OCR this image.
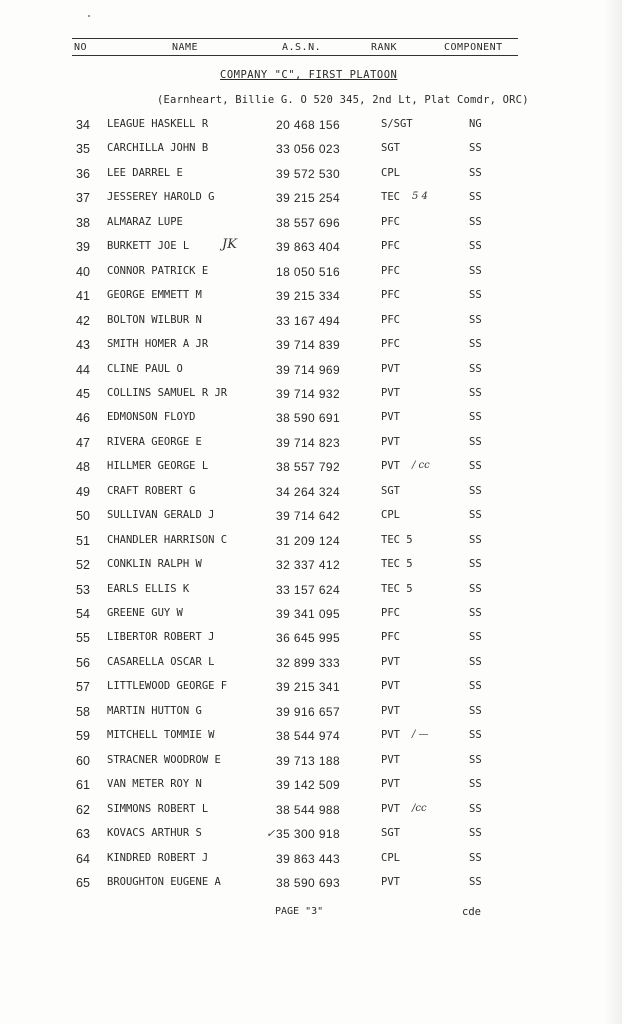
NO	NAME	A.S.N.	RANK	COMPONENT
COMPANY "C", FIRST PLATOON
(Earnheart, Billie G. O 520 345, 2nd Lt, Plat Comdr, ORC)
34 LEAGUE HASKELL R	20 468 156	S/SGT	NG
35 CARCHILLA JOHN B	33 056 023	SGT	SS
36 LEE DARREL E	39 572 530	CPL	SS
37 JESSEREY HAROLD G	39 215 254	TEC	SS
5 4
38 ALMARAZ LUPE	38 557 696	PFC	SS
39 BURKETT JOE L	39 863 404	PFC	SS
JK
40 CONNOR PATRICK E	18 050 516	PFC	SS
41 GEORGE EMMETT M	39 215 334	PFC	SS
42 BOLTON WILBUR N	33 167 494	PFC	SS
43 SMITH HOMER A JR	39 714 839	PFC	SS
44 CLINE PAUL O	39 714 969	PVT	SS
45 COLLINS SAMUEL R JR	39 714 932	PVT	SS
46 EDMONSON FLOYD	38 590 691	PVT	SS
47 RIVERA GEORGE E	39 714 823	PVT	SS
48 HILLMER GEORGE L	38 557 792	PVT	SS
/ cc
49 CRAFT ROBERT G	34 264 324	SGT	SS
50 SULLIVAN GERALD J	39 714 642	CPL	SS
51 CHANDLER HARRISON C	31 209 124	TEC 5	SS
52 CONKLIN RALPH W	32 337 412	TEC 5	SS
53 EARLS ELLIS K	33 157 624	TEC 5	SS
54 GREENE GUY W	39 341 095	PFC	SS
55 LIBERTOR ROBERT J	36 645 995	PFC	SS
56 CASARELLA OSCAR L	32 899 333	PVT	SS
57 LITTLEWOOD GEORGE F	39 215 341	PVT	SS
58 MARTIN HUTTON G	39 916 657	PVT	SS
59 MITCHELL TOMMIE W	38 544 974	PVT	SS
/ —
60 STRACNER WOODROW E	39 713 188	PVT	SS
61 VAN METER ROY N	39 142 509	PVT	SS
62 SIMMONS ROBERT L	38 544 988	PVT	SS
/cc
63 KOVACS ARTHUR S	35 300 918	SGT	SS
✓
64 KINDRED ROBERT J	39 863 443	CPL	SS
65 BROUGHTON EUGENE A	38 590 693	PVT	SS
PAGE "3"	cde
